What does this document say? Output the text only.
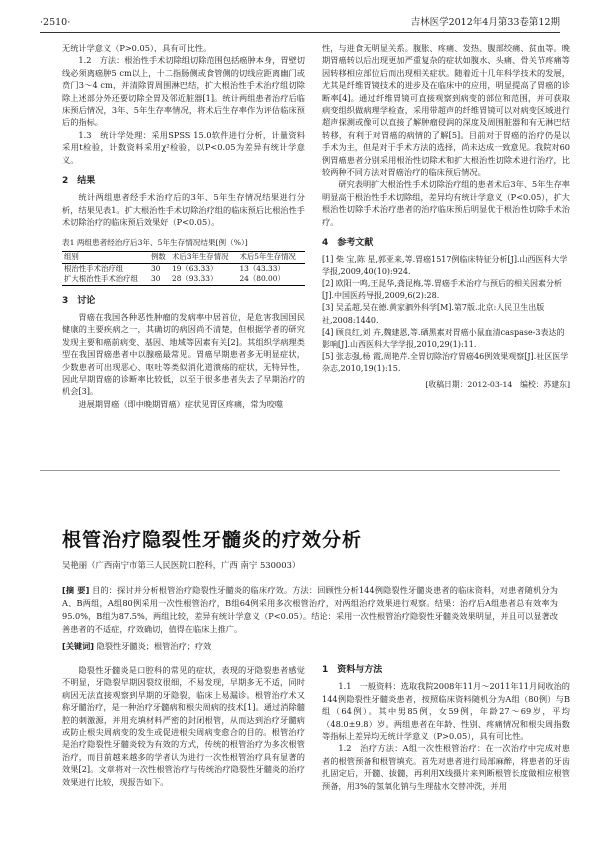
·2510·	吉林医学2012年4月第33卷第12期

无统计学意义（P>0.05），具有可比性。

1.2　方法：根治性手术切除组切除范围包括癌肿本身，胃壁切线必须离癌肿5 cm以上，十二指肠侧或食管侧的切线应距离幽门或贲门3～4 cm，并清除胃周围淋巴结，扩大根治性手术治疗组切除除上述部分外还要切除全胃及邻近脏器[1]。统计两组患者治疗后临床预后情况，3年、5年生存率情况，将术后生存率作为评估临床预后的指标。

1.3　统计学处理：采用SPSS 15.0软件进行分析，计量资料采用t检验，计数资料采用χ²检验，以P<0.05为差异有统计学意义。

2　结果

统计两组患者经手术治疗后的3年、5年生存情况结果进行分析，结果见表1。扩大根治性手术切除治疗组的临床预后比根治性手术切除治疗的临床预后效果好（P<0.05）。

表1 两组患者经治疗后3年、5年生存情况结果[例（%）]
组别	例数	术后3年生存情况	术后5年生存情况
根治性手术治疗组	30	19（63.33）	13（43.33）
扩大根治性手术治疗组	30	28（93.33）	24（80.00）
3　讨论

胃癌在我国各种恶性肿瘤的发病率中居首位，是危害我国国民健康的主要疾病之一，其确切的病因尚不清楚，但根据学者的研究发现主要和癌前病变、基因、地域等因素有关[2]。其组织学病理类型在我国胃癌患者中以腺癌最常见。胃癌早期患者多无明显症状，少数患者可出现恶心、呕吐等类似消化道溃疡的症状，无特异性，因此早期胃癌的诊断率比较低，以至于很多患者失去了早期治疗的机会[3]。

进展期胃癌（即中晚期胃癌）症状见胃区疼痛，常为咬噬

性，与进食无明显关系。腹胀、疼痛、发热、腹部绞痛、贫血等。晚期胃癌转以后出现更加严重复杂的症状如腹水、头痛、骨关节疼痛等因转移相应部位后而出现相关症状。随着近十几年科学技术的发展，尤其是纤维胃镜技术的进步及在临床中的应用，明显提高了胃癌的诊断率[4]。通过纤维胃镜可直接观察到病变的部位和范围，并可获取病变组织做病理学检查，采用带超声的纤维胃镜可以对病变区域进行超声探测或像可以直接了解肿瘤侵润的深度及周围脏器和有无淋巴结转移，有利于对胃癌的病情的了解[5]。目前对于胃癌的治疗仍是以手术为主，但是对于手术方法的选择，尚未达成一致意见。我院对60例胃癌患者分别采用根治性切除术和扩大根治性切除术进行治疗，比较两种不同方法对胃癌治疗的临床预后情况。

研究表明扩大根治性手术切除治疗组的患者术后3年、5年生存率明显高于根治性手术切除组，差异均有统计学意义（P<0.05），扩大根治性切除手术治疗患者的治疗临床预后明显优于根治性切除手术治疗。

4　参考文献
[1] 柴 宝,陈 星,郭亚来,等.胃癌1517例临床特征分析[J].山西医科大学学报,2009,40(10):924.
[2] 欧阳一鸣,王昆华,龚昆梅,等.胃癌手术治疗与预后的相关因素分析[J].中国医药导报,2009,6(2):28.
[3] 吴孟超,吴在德.黄家驷外科学[M].第7版.北京:人民卫生出版社,2008:1440.
[4] 顾良红,刘 卉,魏建恩,等.硒黑素对胃癌小鼠血清caspase-3表达的影响[J].山西医科大学学报,2010,29(1):11.
[5] 张志强,杨 霞,周艳芹.全胃切除治疗胃癌46例效果观察[J].社区医学杂志,2010,19(1):15.
[收稿日期：2012-03-14　编校：苏建东]
根管治疗隐裂性牙髓炎的疗效分析
吴艳丽（广西南宁市第三人民医院口腔科，广西 南宁 530003）
[摘 要] 目的：探讨并分析根管治疗隐裂性牙髓炎的临床疗效。方法：回顾性分析144例隐裂性牙髓炎患者的临床资料，对患者随机分为A、B两组，A组80例采用一次性根管治疗，B组64例采用多次根管治疗，对两组治疗效果进行观察。结果：治疗后A组患者总有效率为95.0%，B组为87.5%，两组比较，差异有统计学意义（P<0.05）。结论：采用一次性根管治疗隐裂性牙髓炎效果明显，并且可以显著改善患者的不适症，疗效确切，值得在临床上推广。
[关键词] 隐裂性牙髓炎；根管治疗；疗效

隐裂性牙髓炎是口腔科的常见的症状，表现的牙隐裂患者感觉不明显，牙隐裂早期因裂纹很细，不易发现，早期多无不适，同时病因无法直接观察到早期的牙隐裂，临床上易漏诊。根管治疗术又称牙髓治疗，是一种治疗牙髓病和根尖周病的技术[1]。通过消除髓腔的刺激源，并用充填材料严密的封闭根管，从而达到治疗牙髓病或防止根尖周病变的发生或促进根尖周病变愈合的目的。根管治疗是治疗隐裂性牙髓炎较为有效的方式，传统的根管治疗为多次根管治疗，而目前越来越多的学者认为进行一次性根管治疗具有显著的效果[2]。文章将对一次性根管治疗与传统治疗隐裂性牙髓炎的治疗效果进行比较，现报告如下。

1　资料与方法

1.1　一般资料：选取我院2008年11月～2011年11月间收治的144例隐裂性牙髓炎患者，按照临床资料随机分为A组（80例）与B组（64例）。其中男85例，女59例，年龄27～69岁，平均（48.0±9.8）岁。两组患者在年龄、性别、疼痛情况和根尖周指数等指标上差异均无统计学意义（P>0.05），具有可比性。

1.2　治疗方法：A组一次性根管治疗：在一次治疗中完成对患者的根管预备和根管填充。首先对患者进行局部麻醉，将患者的牙齿扎固定后，开髓、拔髓，再利用X线摄片来判断根管长度做相应根管预备，用3%的氢氧化钠与生理盐水交替冲洗，并用
